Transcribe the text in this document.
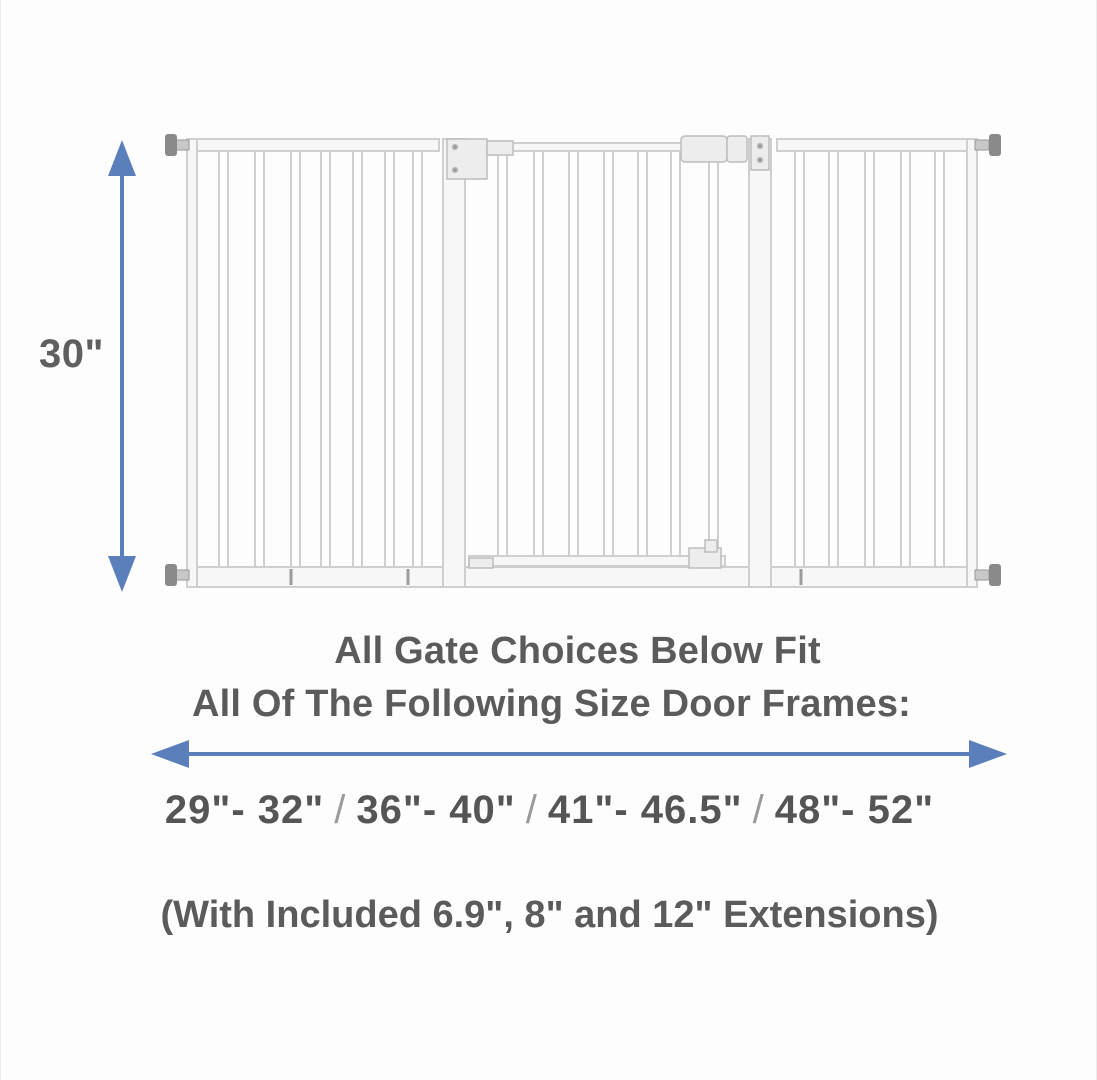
30"
All Gate Choices Below Fit
All Of The Following Size Door Frames:
29"- 32" / 36"- 40" / 41"- 46.5" / 48"- 52"
(With Included 6.9", 8" and 12" Extensions)
